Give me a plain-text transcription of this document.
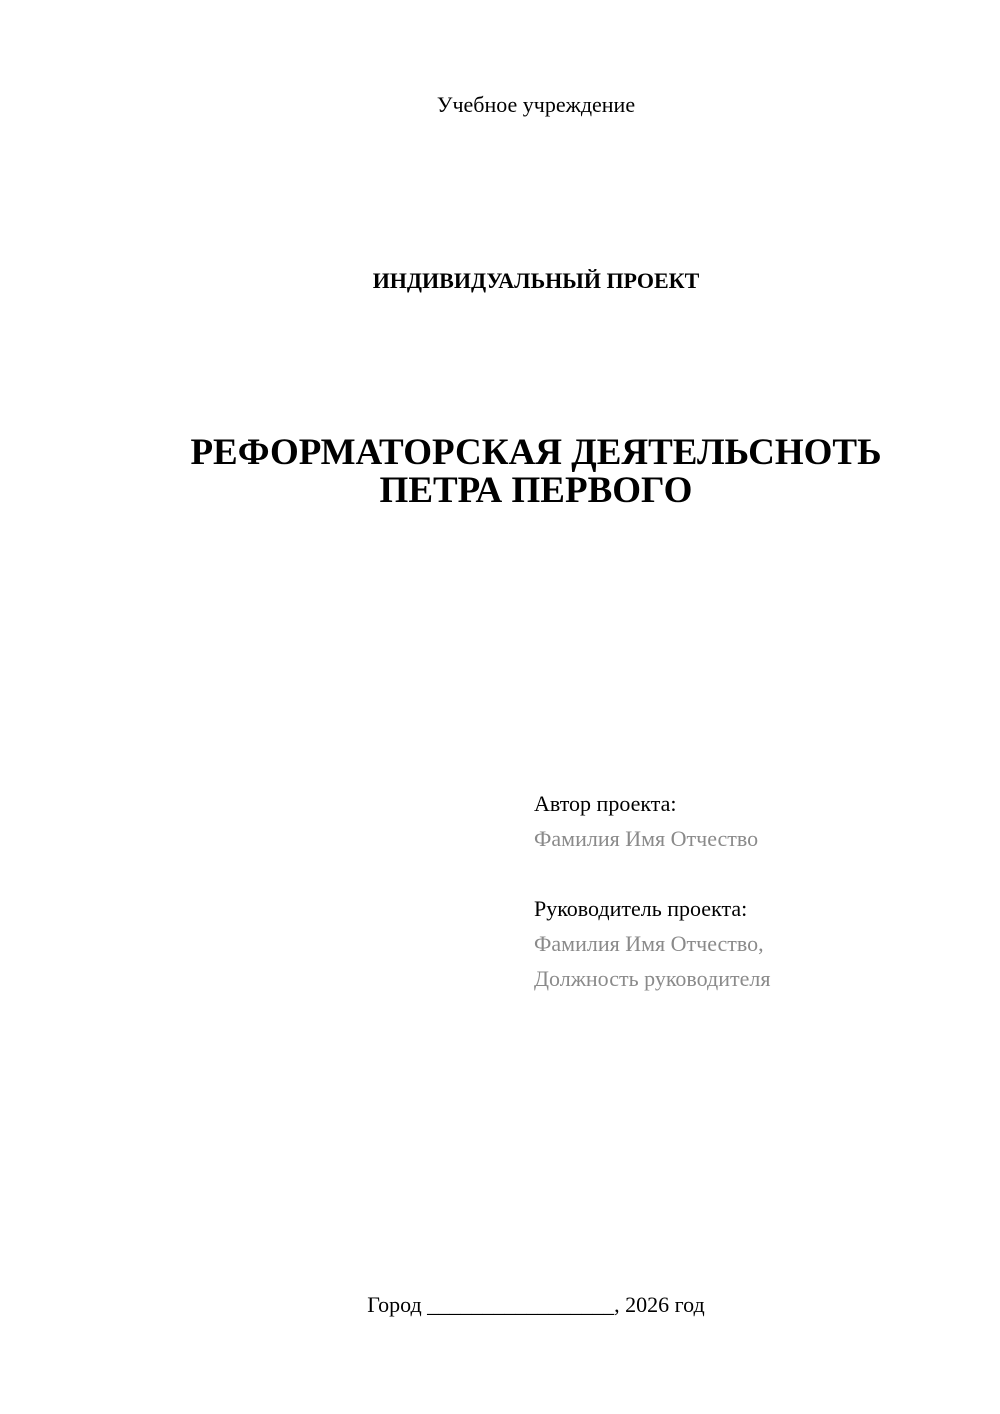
Учебное учреждение
ИНДИВИДУАЛЬНЫЙ ПРОЕКТ
РЕФОРМАТОРСКАЯ ДЕЯТЕЛЬСНОТЬ
ПЕТРА ПЕРВОГО
Автор проекта:
Фамилия Имя Отчество
Руководитель проекта:
Фамилия Имя Отчество,
Должность руководителя
Город _________________, 2026 год
